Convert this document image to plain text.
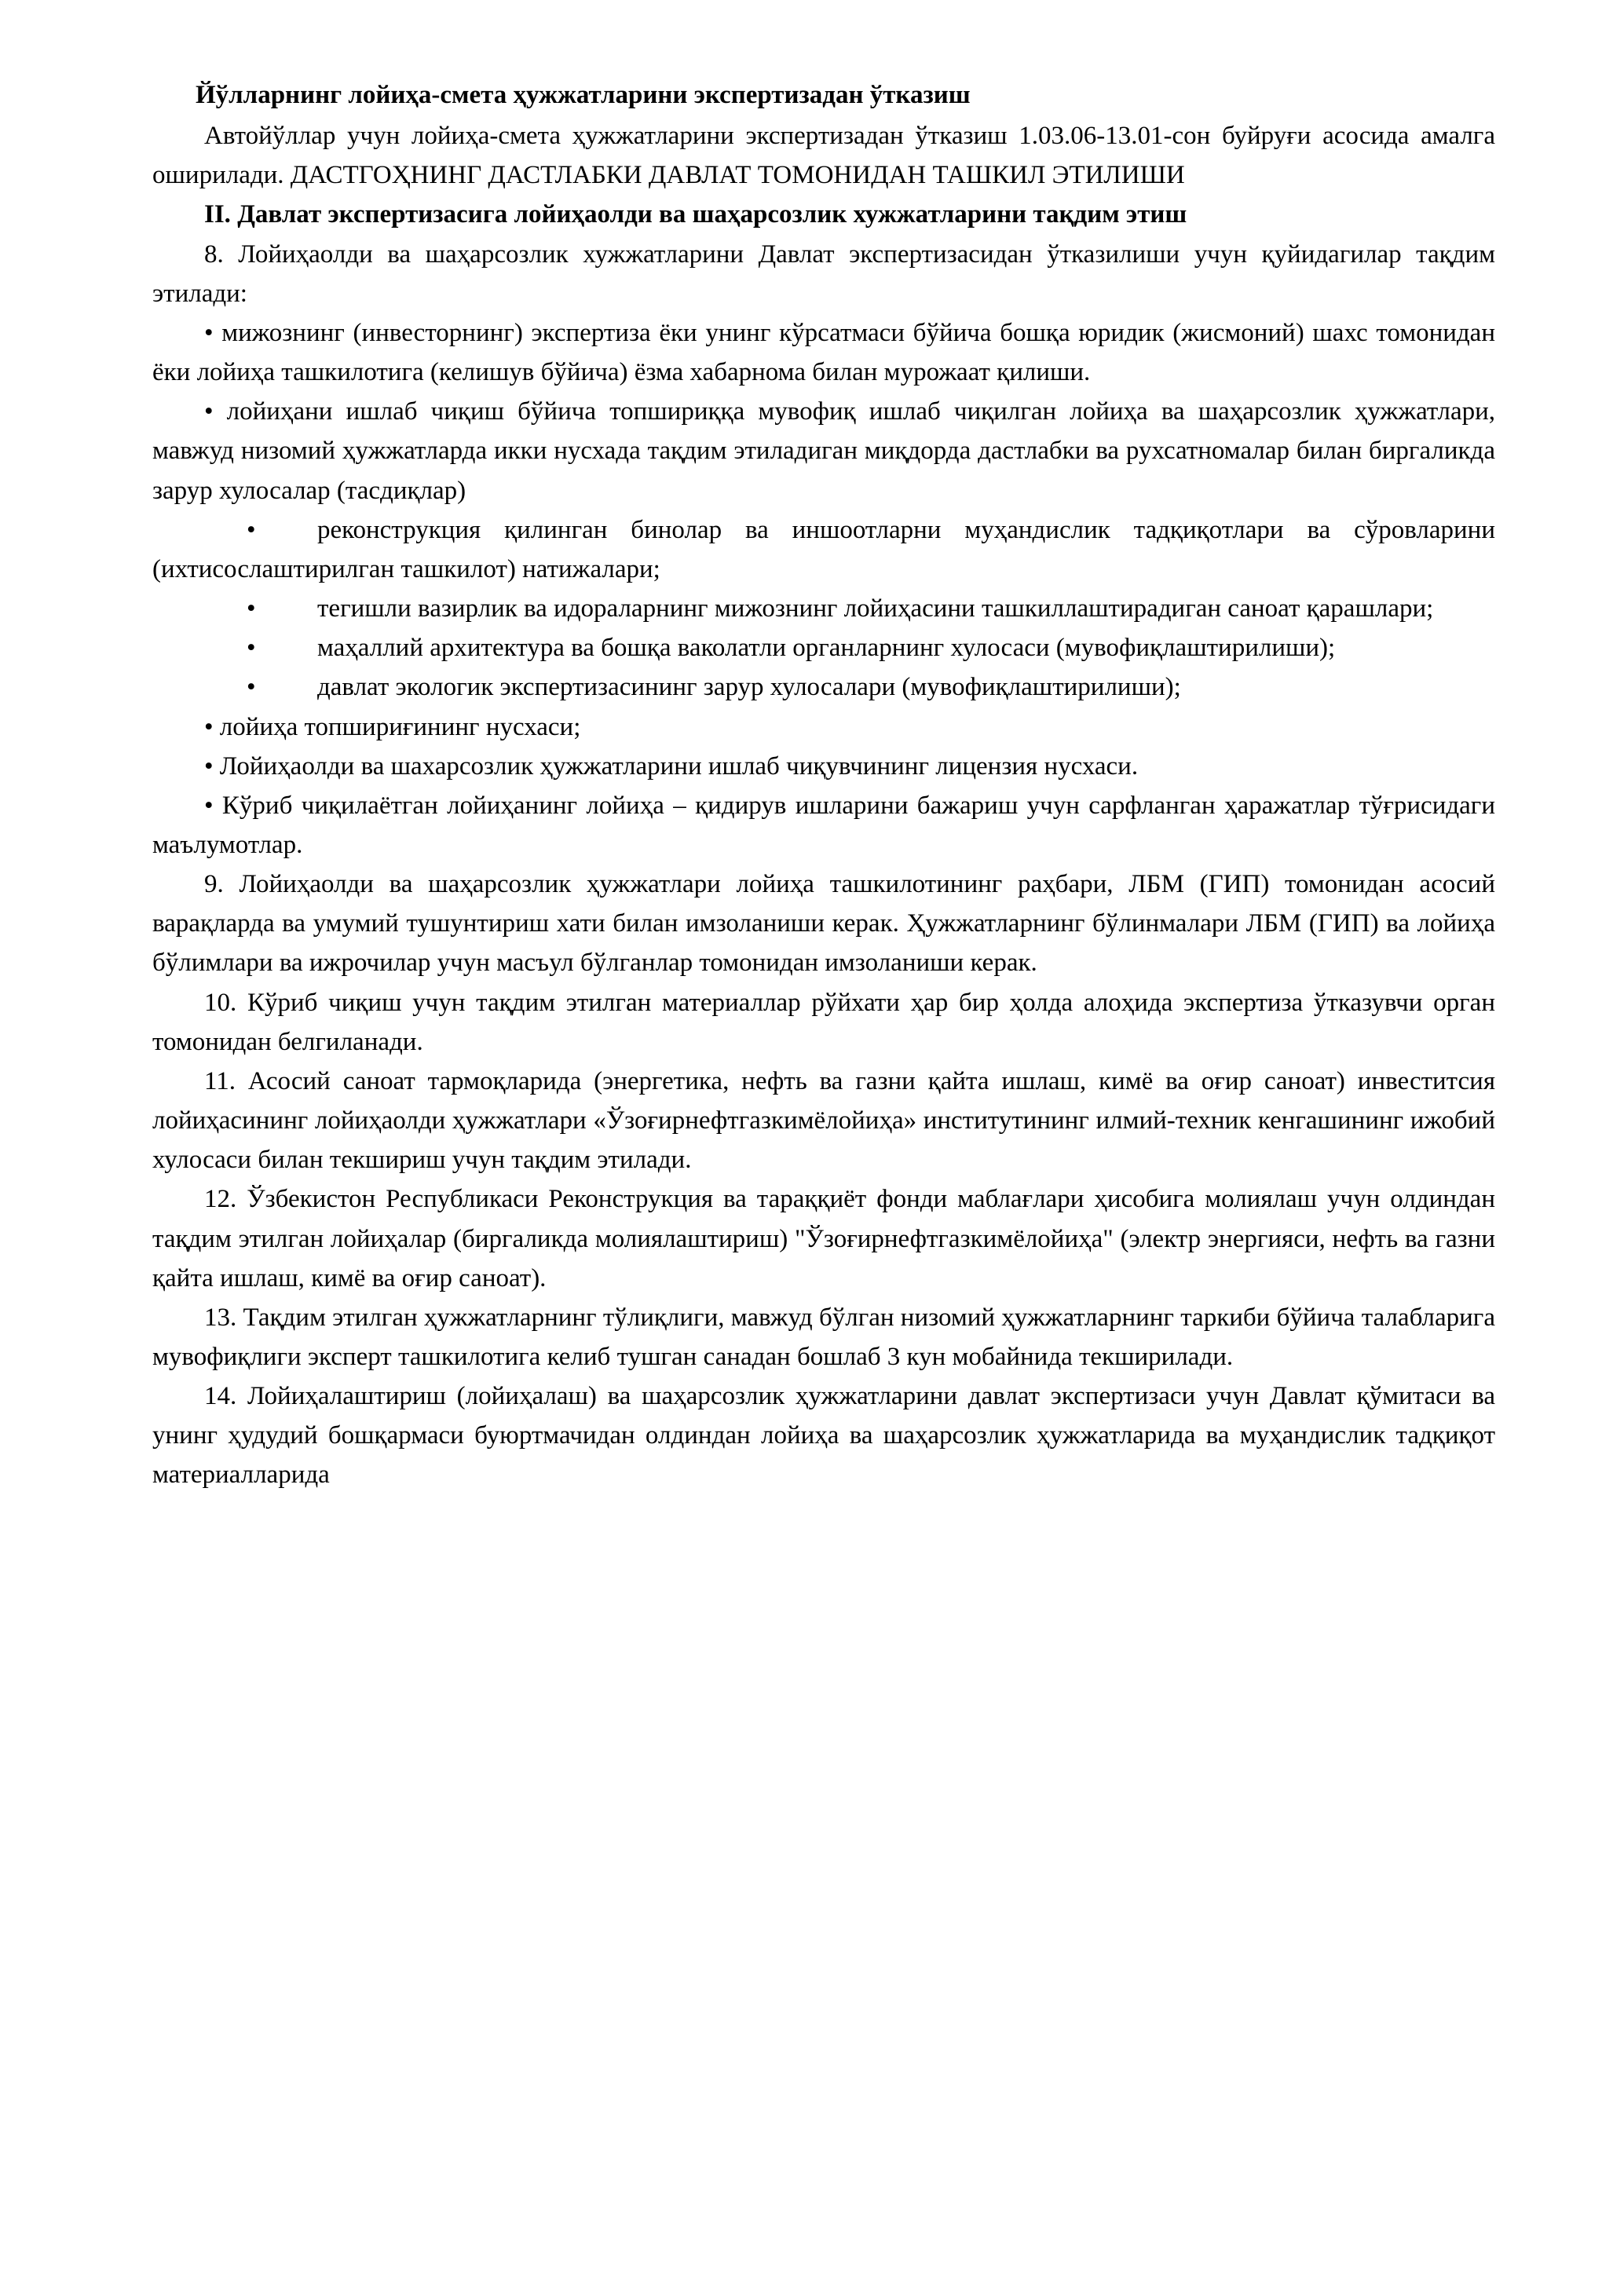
Йўлларнинг лойиҳа-смета ҳужжатларини экспертизадан ўтказиш

Автойўллар учун лойиҳа-смета ҳужжатларини экспертизадан ўтказиш 1.03.06-13.01-сон буйруғи асосида амалга оширилади. ДАСТГОҲНИНГ ДАСТЛАБКИ ДАВЛАТ ТОМОНИДАН ТАШКИЛ ЭТИЛИШИ

II. Давлат экспертизасига лойиҳаолди ва шаҳарсозлик хужжатларини тақдим этиш

8. Лойиҳаолди ва шаҳарсозлик хужжатларини Давлат экспертизасидан ўтказилиши учун қуйидагилар тақдим этилади:

• мижознинг (инвесторнинг) экспертиза ёки унинг кўрсатмаси бўйича бошқа юридик (жисмоний) шахс томонидан ёки лойиҳа ташкилотига (келишув бўйича) ёзма хабарнома билан мурожаат қилиши.

• лойиҳани ишлаб чиқиш бўйича топшириққа мувофиқ ишлаб чиқилган лойиҳа ва шаҳарсозлик ҳужжатлари, мавжуд низомий ҳужжатларда икки нусхада тақдим этиладиган миқдорда дастлабки ва рухсатномалар билан биргаликда зарур хулосалар (тасдиқлар)

• реконструкция қилинган бинолар ва иншоотларни муҳандислик тадқиқотлари ва сўровларини (ихтисослаштирилган ташкилот) натижалари;

• тегишли вазирлик ва идораларнинг мижознинг лойиҳасини ташкиллаштирадиган саноат қарашлари;

• маҳаллий архитектура ва бошқа ваколатли органларнинг хулосаси (мувофиқлаштирилиши);

• давлат экологик экспертизасининг зарур хулосалари (мувофиқлаштирилиши);

• лойиҳа топшириғининг нусхаси;

• Лойиҳаолди ва шахарсозлик ҳужжатларини ишлаб чиқувчининг лицензия нусхаси.

• Кўриб чиқилаётган лойиҳанинг лойиҳа – қидирув ишларини бажариш учун сарфланган ҳаражатлар тўғрисидаги маълумотлар.

9. Лойиҳаолди ва шаҳарсозлик ҳужжатлари лойиҳа ташкилотининг раҳбари, ЛБМ (ГИП) томонидан асосий варақларда ва умумий тушунтириш хати билан имзоланиши керак. Ҳужжатларнинг бўлинмалари ЛБМ (ГИП) ва лойиҳа бўлимлари ва ижрочилар учун масъул бўлганлар томонидан имзоланиши керак.

10. Кўриб чиқиш учун тақдим этилган материаллар рўйхати ҳар бир ҳолда алоҳида экспертиза ўтказувчи орган томонидан белгиланади.

11. Асосий саноат тармоқларида (энергетика, нефть ва газни қайта ишлаш, кимё ва оғир саноат) инвеститсия лойиҳасининг лойиҳаолди ҳужжатлари «Ўзоғирнефтгазкимёлойиҳа» институтининг илмий-техник кенгашининг ижобий хулосаси билан текшириш учун тақдим этилади.

12. Ўзбекистон Республикаси Реконструкция ва тараққиёт фонди маблағлари ҳисобига молиялаш учун олдиндан тақдим этилган лойиҳалар (биргаликда молиялаштириш) "Ўзоғирнефтгазкимёлойиҳа" (электр энергияси, нефть ва газни қайта ишлаш, кимё ва оғир саноат).

13. Тақдим этилган ҳужжатларнинг тўлиқлиги, мавжуд бўлган низомий ҳужжатларнинг таркиби бўйича талабларига мувофиқлиги эксперт ташкилотига келиб тушган санадан бошлаб 3 кун мобайнида текширилади.

14. Лойиҳалаштириш (лойиҳалаш) ва шаҳарсозлик ҳужжатларини давлат экспертизаси учун Давлат қўмитаси ва унинг ҳудудий бошқармаси буюртмачидан олдиндан лойиҳа ва шаҳарсозлик ҳужжатларида ва муҳандислик тадқиқот материалларида
